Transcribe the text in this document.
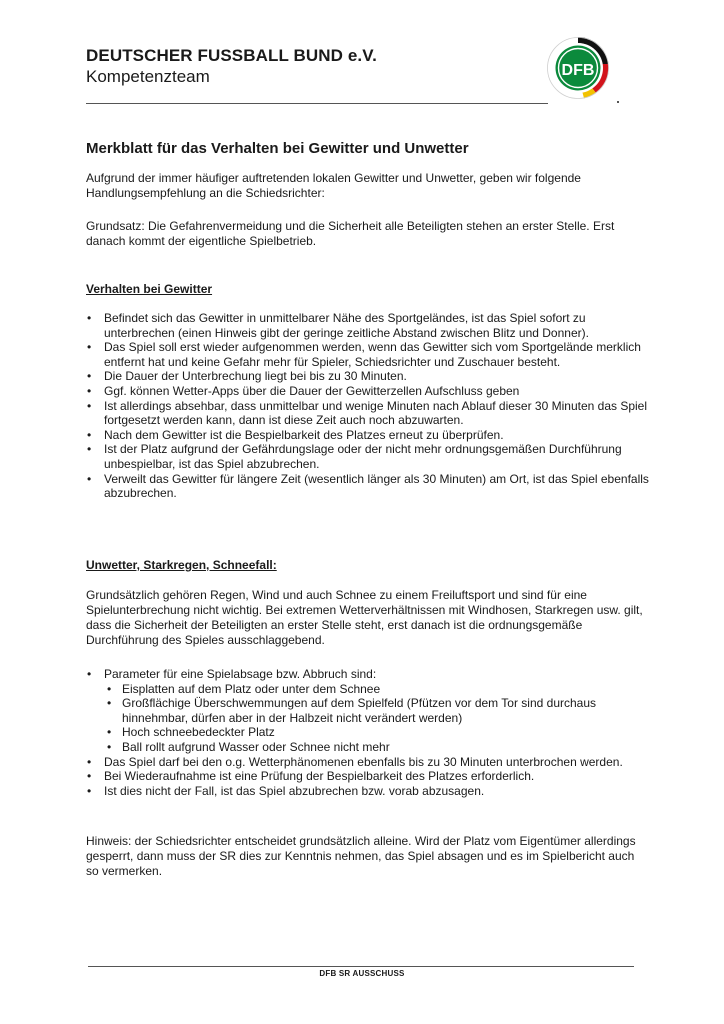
DEUTSCHER FUSSBALL BUND e.V.
Kompetenzteam	DFB
Merkblatt für das Verhalten bei Gewitter und Unwetter
Aufgrund der immer häufiger auftretenden lokalen Gewitter und Unwetter, geben wir folgende Handlungsempfehlung an die Schiedsrichter:
Grundsatz: Die Gefahrenvermeidung und die Sicherheit alle Beteiligten stehen an erster Stelle. Erst danach kommt der eigentliche Spielbetrieb.
Verhalten bei Gewitter
• Befindet sich das Gewitter in unmittelbarer Nähe des Sportgeländes, ist das Spiel sofort zu unterbrechen (einen Hinweis gibt der geringe zeitliche Abstand zwischen Blitz und Donner).
• Das Spiel soll erst wieder aufgenommen werden, wenn das Gewitter sich vom Sportgelände merklich entfernt hat und keine Gefahr mehr für Spieler, Schiedsrichter und Zuschauer besteht.
• Die Dauer der Unterbrechung liegt bei bis zu 30 Minuten.
• Ggf. können Wetter-Apps über die Dauer der Gewitterzellen Aufschluss geben
• Ist allerdings absehbar, dass unmittelbar und wenige Minuten nach Ablauf dieser 30 Minuten das Spiel fortgesetzt werden kann, dann ist diese Zeit auch noch abzuwarten.
• Nach dem Gewitter ist die Bespielbarkeit des Platzes erneut zu überprüfen.
• Ist der Platz aufgrund der Gefährdungslage oder der nicht mehr ordnungsgemäßen Durchführung unbespielbar, ist das Spiel abzubrechen.
• Verweilt das Gewitter für längere Zeit (wesentlich länger als 30 Minuten) am Ort, ist das Spiel ebenfalls abzubrechen.
Unwetter, Starkregen, Schneefall:
Grundsätzlich gehören Regen, Wind und auch Schnee zu einem Freiluftsport und sind für eine Spielunterbrechung nicht wichtig. Bei extremen Wetterverhältnissen mit Windhosen, Starkregen usw. gilt, dass die Sicherheit der Beteiligten an erster Stelle steht, erst danach ist die ordnungsgemäße Durchführung des Spieles ausschlaggebend.
• Parameter für eine Spielabsage bzw. Abbruch sind:
• Eisplatten auf dem Platz oder unter dem Schnee
• Großflächige Überschwemmungen auf dem Spielfeld (Pfützen vor dem Tor sind durchaus hinnehmbar, dürfen aber in der Halbzeit nicht verändert werden)
• Hoch schneebedeckter Platz
• Ball rollt aufgrund Wasser oder Schnee nicht mehr
• Das Spiel darf bei den o.g. Wetterphänomenen ebenfalls bis zu 30 Minuten unterbrochen werden.
• Bei Wiederaufnahme ist eine Prüfung der Bespielbarkeit des Platzes erforderlich.
• Ist dies nicht der Fall, ist das Spiel abzubrechen bzw. vorab abzusagen.
Hinweis: der Schiedsrichter entscheidet grundsätzlich alleine. Wird der Platz vom Eigentümer allerdings gesperrt, dann muss der SR dies zur Kenntnis nehmen, das Spiel absagen und es im Spielbericht auch so vermerken.
DFB SR AUSSCHUSS
